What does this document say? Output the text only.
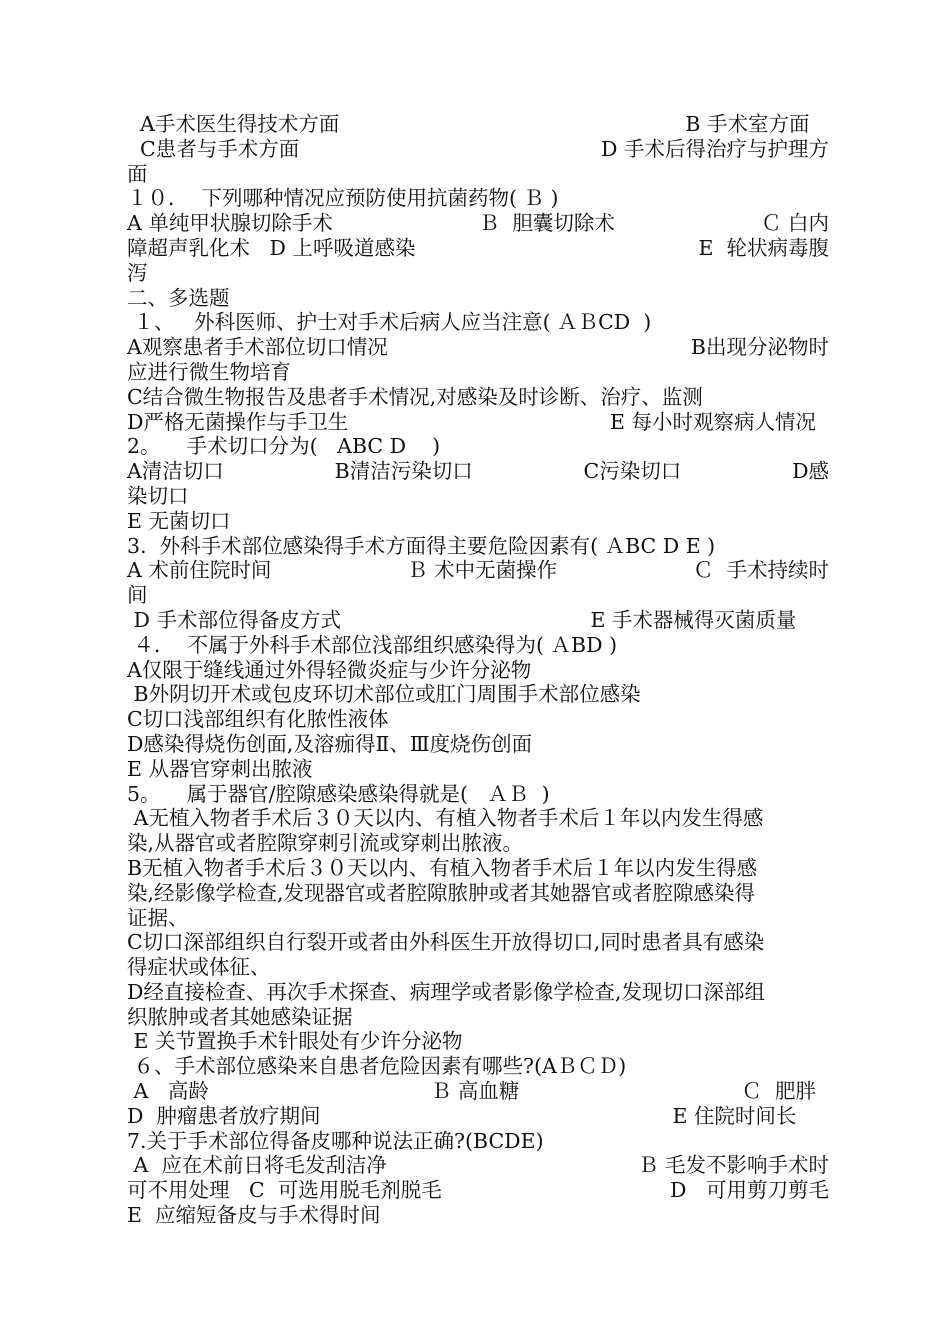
A手术医生得技术方面	B 手术室方面
C患者与手术方面	D 手术后得治疗与护理方
面
１０．  下列哪种情况应预防使用抗菌药物( Ｂ )
A 单纯甲状腺切除手术	Ｂ  胆囊切除术	Ｃ 白内
障超声乳化术   D 上呼吸道感染	E  轮状病毒腹
泻
二、多选题
１、   外科医师、护士对手术后病人应当注意( ＡＢCD  )
A观察患者手术部位切口情况	B出现分泌物时
应进行微生物培育
C结合微生物报告及患者手术情况,对感染及时诊断、治疗、监测
D严格无菌操作与手卫生	E 每小时观察病人情况
2。    手术切口分为(   ABC D    )
A清洁切口	B清洁污染切口	C污染切口	D感
染切口
E 无菌切口
3.  外科手术部位感染得手术方面得主要危险因素有( ＡBC D E )
A 术前住院时间	Ｂ 术中无菌操作	Ｃ  手术持续时
间
D 手术部位得备皮方式	E 手术器械得灭菌质量
４．  不属于外科手术部位浅部组织感染得为( ＡBD )
A仅限于缝线通过外得轻微炎症与少许分泌物
B外阴切开术或包皮环切术部位或肛门周围手术部位感染
C切口浅部组织有化脓性液体
D感染得烧伤创面,及溶痂得Ⅱ、Ⅲ度烧伤创面
E 从器官穿刺出脓液
5。    属于器官/腔隙感染感染得就是(   ＡＢ  )
A无植入物者手术后３０天以内、有植入物者手术后１年以内发生得感
染,从器官或者腔隙穿刺引流或穿刺出脓液。
B无植入物者手术后３０天以内、有植入物者手术后１年以内发生得感
染,经影像学检查,发现器官或者腔隙脓肿或者其她器官或者腔隙感染得
证据、
C切口深部组织自行裂开或者由外科医生开放得切口,同时患者具有感染
得症状或体征、
D经直接检查、再次手术探查、病理学或者影像学检查,发现切口深部组
织脓肿或者其她感染证据
E 关节置换手术针眼处有少许分泌物
６、手术部位感染来自患者危险因素有哪些?(AＢＣＤ)
A   高龄	Ｂ 高血糖	Ｃ  肥胖
D  肿瘤患者放疗期间	E 住院时间长
7.关于手术部位得备皮哪种说法正确?(BCDE)
A  应在术前日将毛发刮洁净	Ｂ 毛发不影响手术时
可不用处理   C  可选用脱毛剂脱毛	D   可用剪刀剪毛
E  应缩短备皮与手术得时间
